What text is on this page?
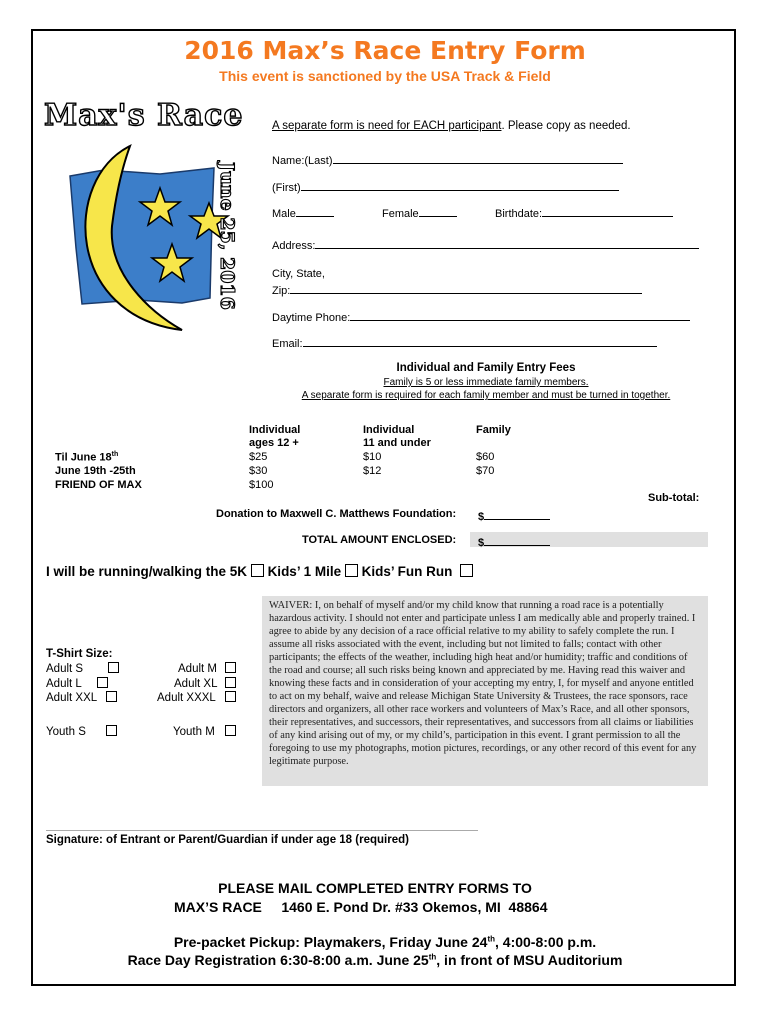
2016 Max’s Race Entry Form
This event is sanctioned by the USA Track & Field
Max's Race
June 25, 2016
A separate form is need for EACH participant. Please copy as needed.
Name:(Last)
(First)
Male	Female	Birthdate:
Address:
City, State,
Zip:
Daytime Phone:
Email:
Individual and Family Entry Fees
Family is 5 or less immediate family members.
A separate form is required for each family member and must be turned in together.
Individual
ages 12 +
Individual
11 and under
Family
Til June 18th	$25	$10	$60
June 19th -25th	$30	$12	$70
FRIEND OF MAX	$100
Sub-total:
Donation to Maxwell C. Matthews Foundation: $
TOTAL AMOUNT ENCLOSED: $
I will be running/walking the 5K Kids’ 1 Mile Kids’ Fun Run
T-Shirt Size:
Adult S	Adult M
Adult L	Adult XL
Adult XXL	Adult XXXL
Youth S	Youth M
WAIVER: I, on behalf of myself and/or my child know that running a road race is a potentially hazardous activity. I should not enter and participate unless I am medically able and properly trained. I agree to abide by any decision of a race official relative to my ability to safely complete the run. I assume all risks associated with the event, including but not limited to falls; contact with other participants; the effects of the weather, including high heat and/or humidity; traffic and conditions of the road and course; all such risks being known and appreciated by me. Having read this waiver and knowing these facts and in consideration of your accepting my entry, I, for myself and anyone entitled to act on my behalf, waive and release Michigan State University & Trustees, the race sponsors, race directors and organizers, all other race workers and volunteers of Max’s Race, and all other sponsors, their representatives, and successors, their representatives, and successors from all claims or liabilities of any kind arising out of my, or my child’s, participation in this event. I grant permission to all the foregoing to use my photographs, motion pictures, recordings, or any other record of this event for any legitimate purpose.
Signature: of Entrant or Parent/Guardian if under age 18 (required)
PLEASE MAIL COMPLETED ENTRY FORMS TO
MAX’S RACE     1460 E. Pond Dr. #33 Okemos, MI  48864
Pre-packet Pickup: Playmakers, Friday June 24th, 4:00-8:00 p.m.
Race Day Registration 6:30-8:00 a.m. June 25th, in front of MSU Auditorium
